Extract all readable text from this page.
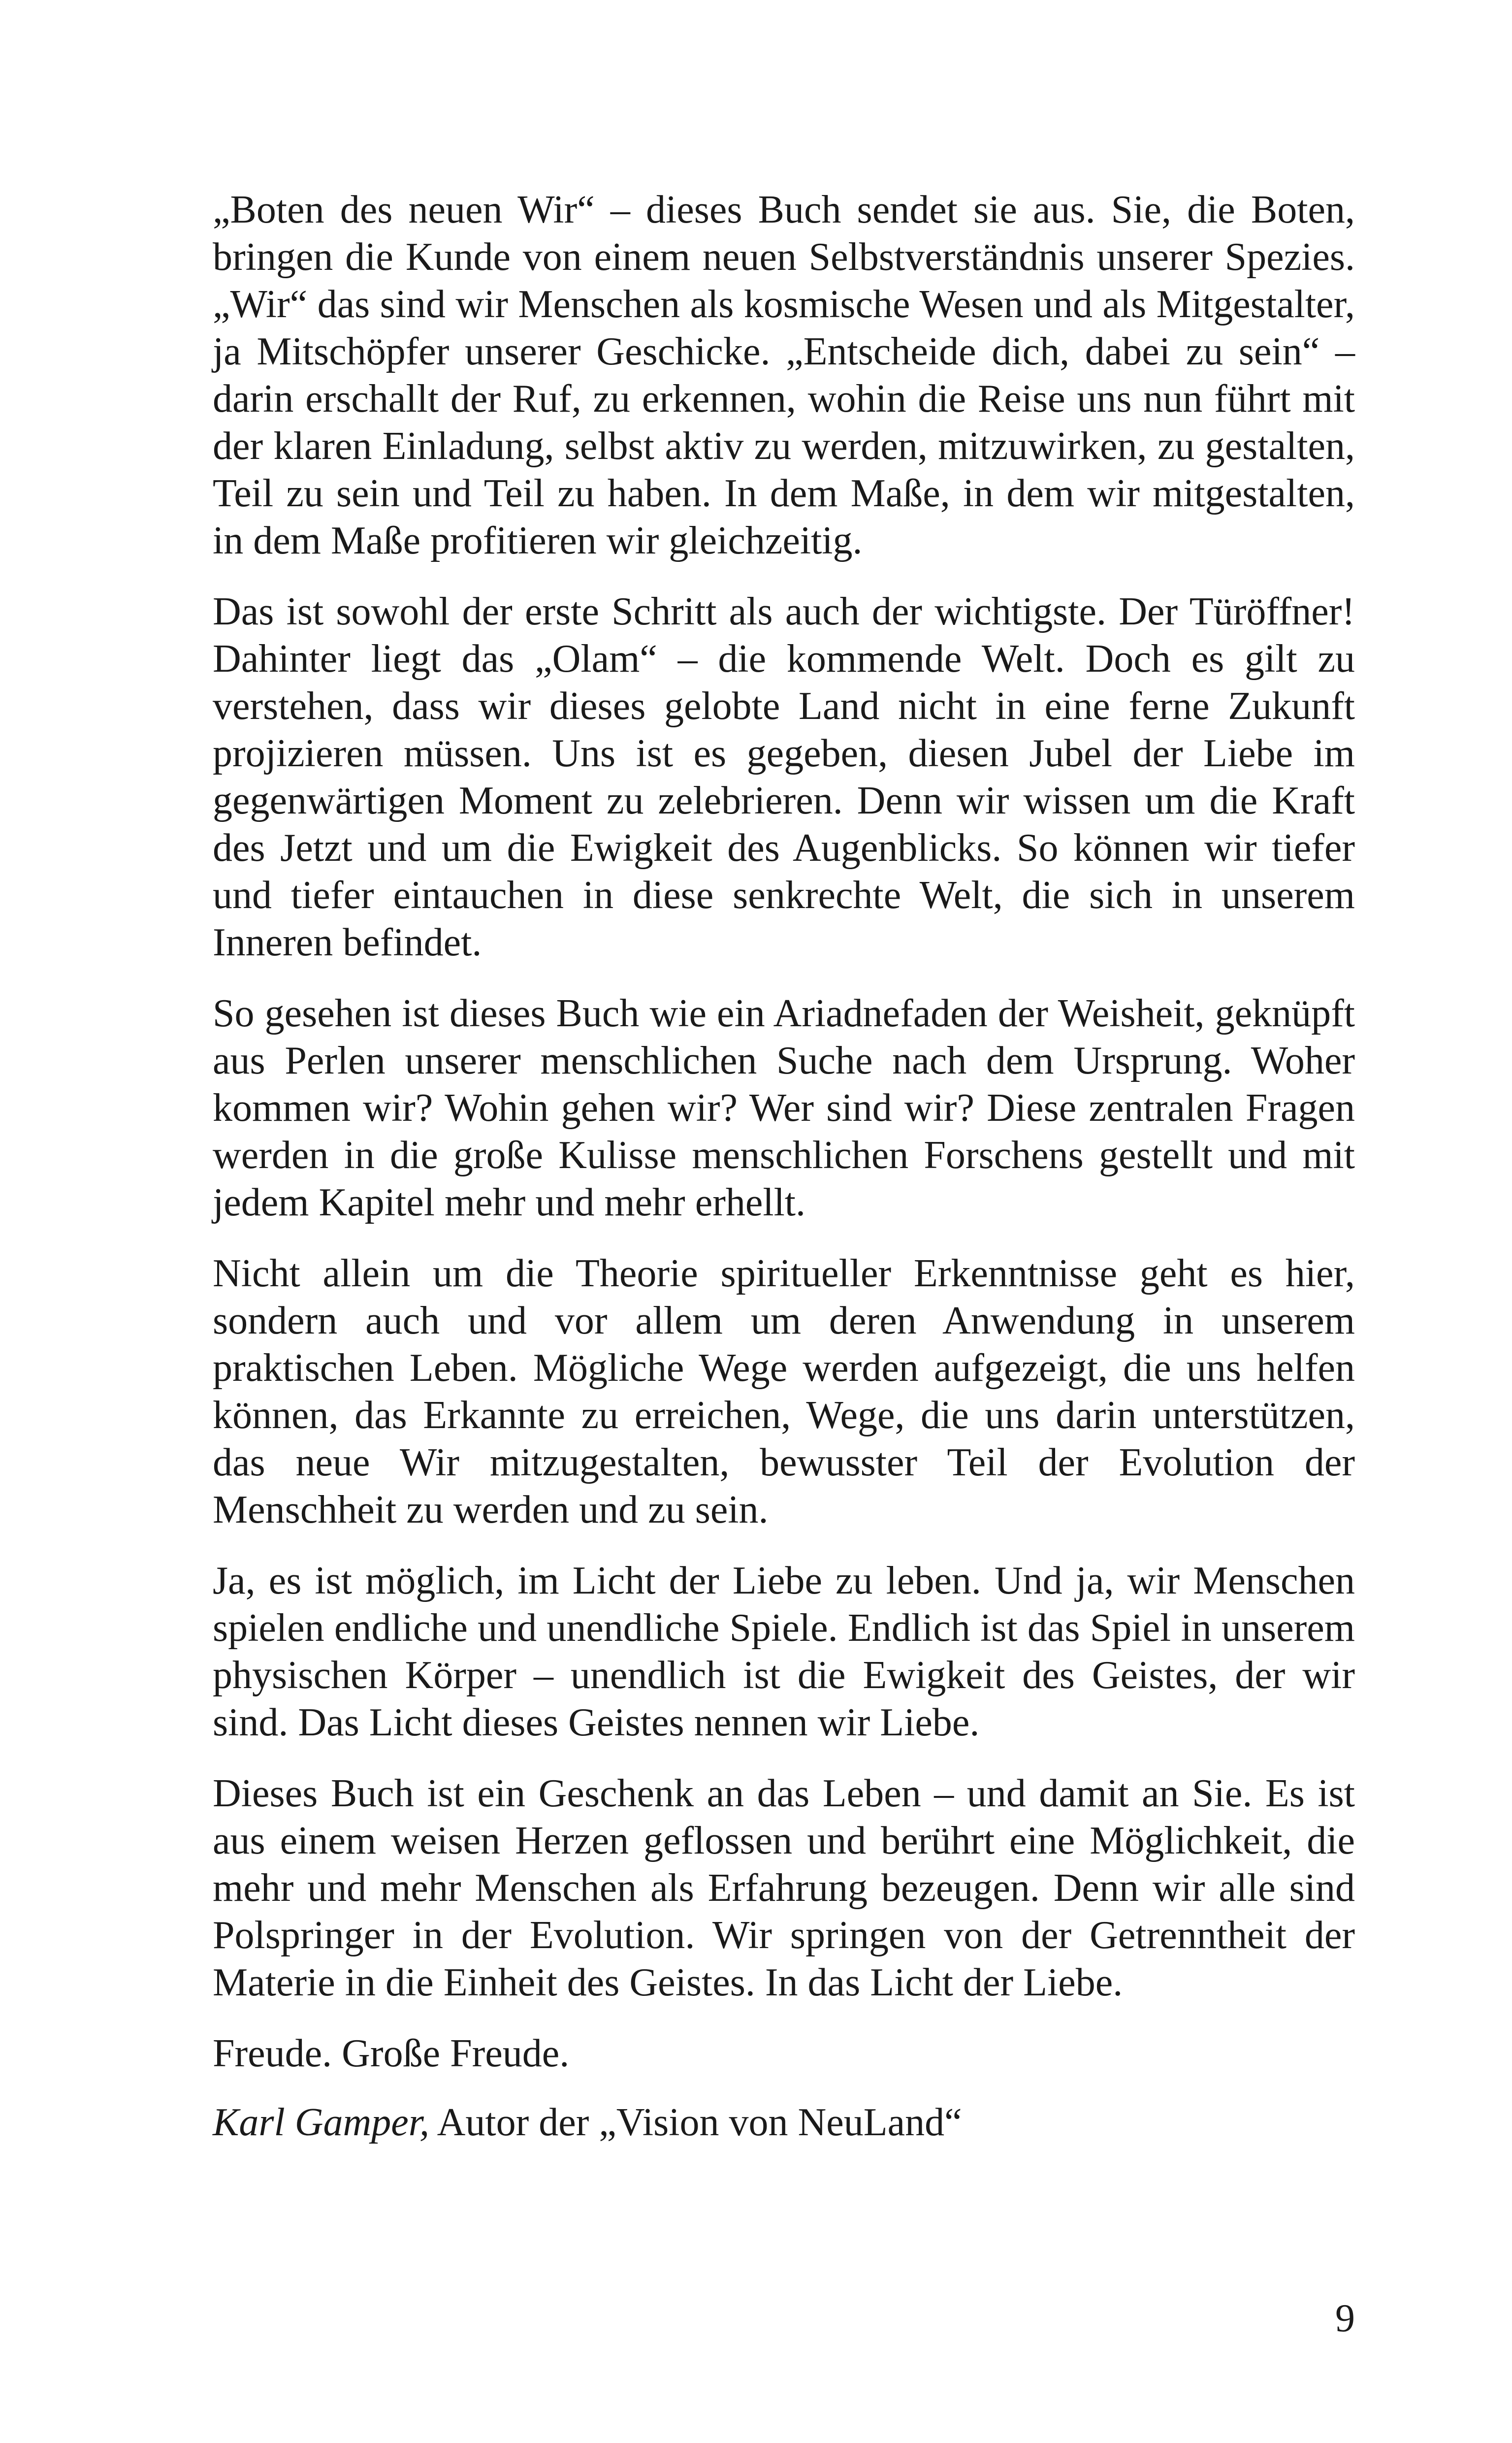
„Boten des neuen Wir“ – dieses Buch sendet sie aus. Sie, die Boten, bringen die Kunde von einem neuen Selbstverständnis unserer Spezies. „Wir“ das sind wir Menschen als kosmische Wesen und als Mitgestalter, ja Mitschöpfer unserer Geschicke. „Entscheide dich, dabei zu sein“ – darin erschallt der Ruf, zu erkennen, wohin die Reise uns nun führt mit der klaren Einladung, selbst aktiv zu werden, mitzuwirken, zu gestalten, Teil zu sein und Teil zu haben. In dem Maße, in dem wir mitgestalten, in dem Maße profitieren wir gleichzeitig.

Das ist sowohl der erste Schritt als auch der wichtigste. Der Türöffner! Dahinter liegt das „Olam“ – die kommende Welt. Doch es gilt zu verstehen, dass wir dieses gelobte Land nicht in eine ferne Zukunft projizieren müssen. Uns ist es gegeben, diesen Jubel der Liebe im gegenwärtigen Moment zu zelebrieren. Denn wir wissen um die Kraft des Jetzt und um die Ewigkeit des Augenblicks. So können wir tiefer und tiefer eintauchen in diese senkrechte Welt, die sich in unserem Inneren befindet.

So gesehen ist dieses Buch wie ein Ariadnefaden der Weisheit, geknüpft aus Perlen unserer menschlichen Suche nach dem Ursprung. Woher kommen wir? Wohin gehen wir? Wer sind wir? Diese zentralen Fragen werden in die große Kulisse menschlichen Forschens gestellt und mit jedem Kapitel mehr und mehr erhellt.

Nicht allein um die Theorie spiritueller Erkenntnisse geht es hier, sondern auch und vor allem um deren Anwendung in unserem praktischen Leben. Mögliche Wege werden aufgezeigt, die uns helfen können, das Erkannte zu erreichen, Wege, die uns darin unterstützen, das neue Wir mitzugestalten, bewusster Teil der Evolution der Menschheit zu werden und zu sein.

Ja, es ist möglich, im Licht der Liebe zu leben. Und ja, wir Menschen spielen endliche und unendliche Spiele. Endlich ist das Spiel in unserem physischen Körper – unendlich ist die Ewigkeit des Geistes, der wir sind. Das Licht dieses Geistes nennen wir Liebe.

Dieses Buch ist ein Geschenk an das Leben – und damit an Sie. Es ist aus einem weisen Herzen geflossen und berührt eine Möglichkeit, die mehr und mehr Menschen als Erfahrung bezeugen. Denn wir alle sind Polspringer in der Evolution. Wir springen von der Getrenntheit der Materie in die Einheit des Geistes. In das Licht der Liebe.

Freude. Große Freude.

Karl Gamper, Autor der „Vision von NeuLand“

9
